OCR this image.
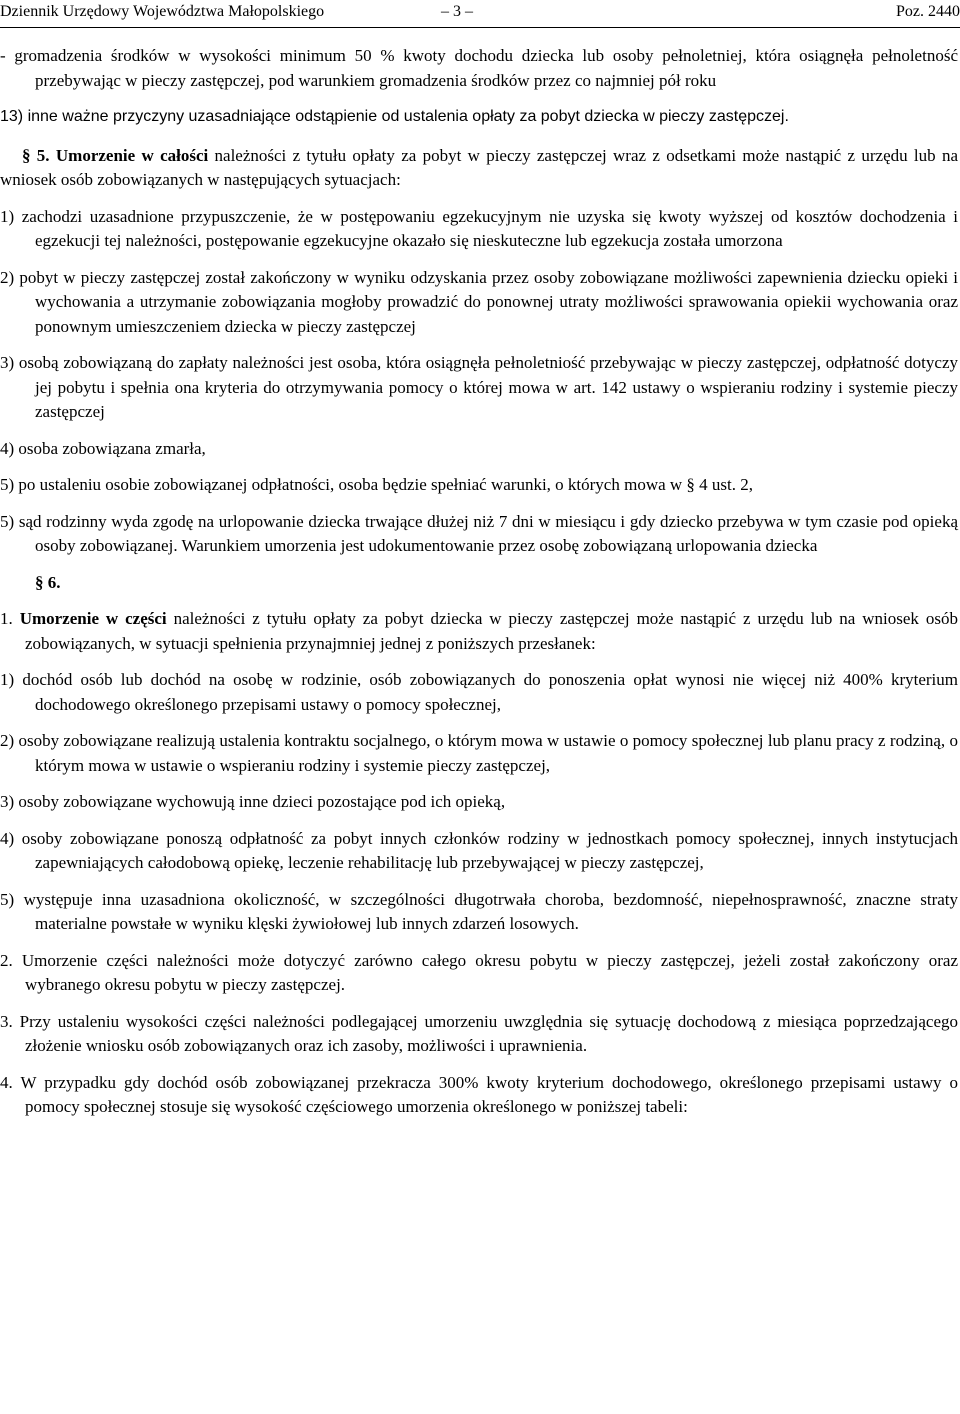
Dziennik Urzędowy Województwa Małopolskiego	– 3 –	Poz. 2440
- gromadzenia środków w wysokości minimum 50 % kwoty dochodu dziecka lub osoby pełnoletniej, która osiągnęła pełnoletność przebywając w pieczy zastępczej, pod warunkiem gromadzenia środków przez co najmniej pół roku
13) inne ważne przyczyny uzasadniające odstąpienie od ustalenia opłaty za pobyt dziecka w pieczy zastępczej.
§ 5. Umorzenie w całości należności z tytułu opłaty za pobyt w pieczy zastępczej wraz z odsetkami może nastąpić z urzędu lub na wniosek osób zobowiązanych w następujących sytuacjach:
1) zachodzi uzasadnione przypuszczenie, że w postępowaniu egzekucyjnym nie uzyska się kwoty wyższej od kosztów dochodzenia i egzekucji tej należności, postępowanie egzekucyjne okazało się nieskuteczne lub egzekucja została umorzona
2) pobyt w pieczy zastępczej został zakończony w wyniku odzyskania przez osoby zobowiązane możliwości zapewnienia dziecku opieki i wychowania a utrzymanie zobowiązania mogłoby prowadzić do ponownej utraty możliwości sprawowania opiekii wychowania oraz ponownym umieszczeniem dziecka w pieczy zastępczej
3) osobą zobowiązaną do zapłaty należności jest osoba, która osiągnęła pełnoletniość przebywając w pieczy zastępczej, odpłatność dotyczy jej pobytu i spełnia ona kryteria do otrzymywania pomocy o której mowa w art. 142 ustawy o wspieraniu rodziny i systemie pieczy zastępczej
4) osoba zobowiązana zmarła,
5) po ustaleniu osobie zobowiązanej odpłatności, osoba będzie spełniać warunki, o których mowa w § 4 ust. 2,
5) sąd rodzinny wyda zgodę na urlopowanie dziecka trwające dłużej niż 7 dni w miesiącu i gdy dziecko przebywa w tym czasie pod opieką osoby zobowiązanej. Warunkiem umorzenia jest udokumentowanie przez osobę zobowiązaną urlopowania dziecka
§ 6.
1. Umorzenie w części należności z tytułu opłaty za pobyt dziecka w pieczy zastępczej może nastąpić z urzędu lub na wniosek osób zobowiązanych, w sytuacji spełnienia przynajmniej jednej z poniższych przesłanek:
1) dochód osób lub dochód na osobę w rodzinie, osób zobowiązanych do ponoszenia opłat wynosi nie więcej niż 400% kryterium dochodowego określonego przepisami ustawy o pomocy społecznej,
2) osoby zobowiązane realizują ustalenia kontraktu socjalnego, o którym mowa w ustawie o pomocy społecznej lub planu pracy z rodziną, o którym mowa w ustawie o wspieraniu rodziny i systemie pieczy zastępczej,
3) osoby zobowiązane wychowują inne dzieci pozostające pod ich opieką,
4) osoby zobowiązane ponoszą odpłatność za pobyt innych członków rodziny w jednostkach pomocy społecznej, innych instytucjach zapewniających całodobową opiekę, leczenie rehabilitację lub przebywającej w pieczy zastępczej,
5) występuje inna uzasadniona okoliczność, w szczególności długotrwała choroba, bezdomność, niepełnosprawność, znaczne straty materialne powstałe w wyniku klęski żywiołowej lub innych zdarzeń losowych.
2. Umorzenie części należności może dotyczyć zarówno całego okresu pobytu w pieczy zastępczej, jeżeli został zakończony oraz wybranego okresu pobytu w pieczy zastępczej.
3. Przy ustaleniu wysokości części należności podlegającej umorzeniu uwzględnia się sytuację dochodową z miesiąca poprzedzającego złożenie wniosku osób zobowiązanych oraz ich zasoby, możliwości i uprawnienia.
4. W przypadku gdy dochód osób zobowiązanej przekracza 300% kwoty kryterium dochodowego, określonego przepisami ustawy o pomocy społecznej stosuje się wysokość częściowego umorzenia określonego w poniższej tabeli:
